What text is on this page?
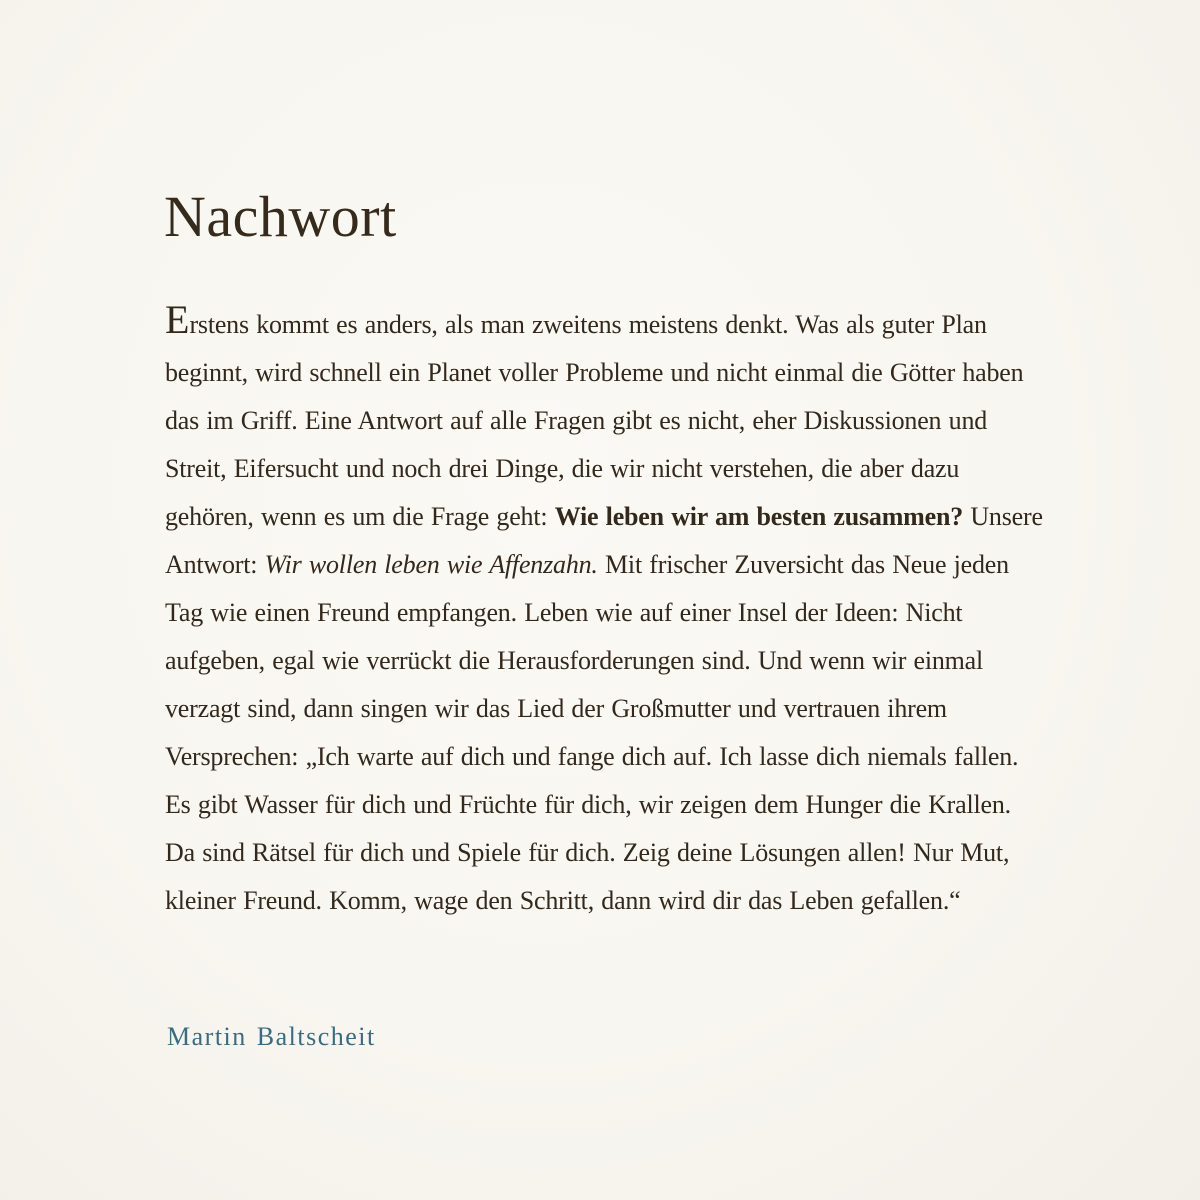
Nachwort

Erstens kommt es anders, als man zweitens meistens denkt. Was als guter Plan beginnt, wird schnell ein Planet voller Probleme und nicht einmal die Götter haben das im Griff. Eine Antwort auf alle Fragen gibt es nicht, eher Diskussionen und Streit, Eifersucht und noch drei Dinge, die wir nicht verstehen, die aber dazu gehören, wenn es um die Frage geht: Wie leben wir am besten zusammen? Unsere Antwort: Wir wollen leben wie Affenzahn. Mit frischer Zuversicht das Neue jeden Tag wie einen Freund empfangen. Leben wie auf einer Insel der Ideen: Nicht aufgeben, egal wie verrückt die Herausforderungen sind. Und wenn wir einmal verzagt sind, dann singen wir das Lied der Großmutter und vertrauen ihrem Versprechen: „Ich warte auf dich und fange dich auf. Ich lasse dich niemals fallen. Es gibt Wasser für dich und Früchte für dich, wir zeigen dem Hunger die Krallen. Da sind Rätsel für dich und Spiele für dich. Zeig deine Lösungen allen! Nur Mut, kleiner Freund. Komm, wage den Schritt, dann wird dir das Leben gefallen.“

Martin Baltscheit
